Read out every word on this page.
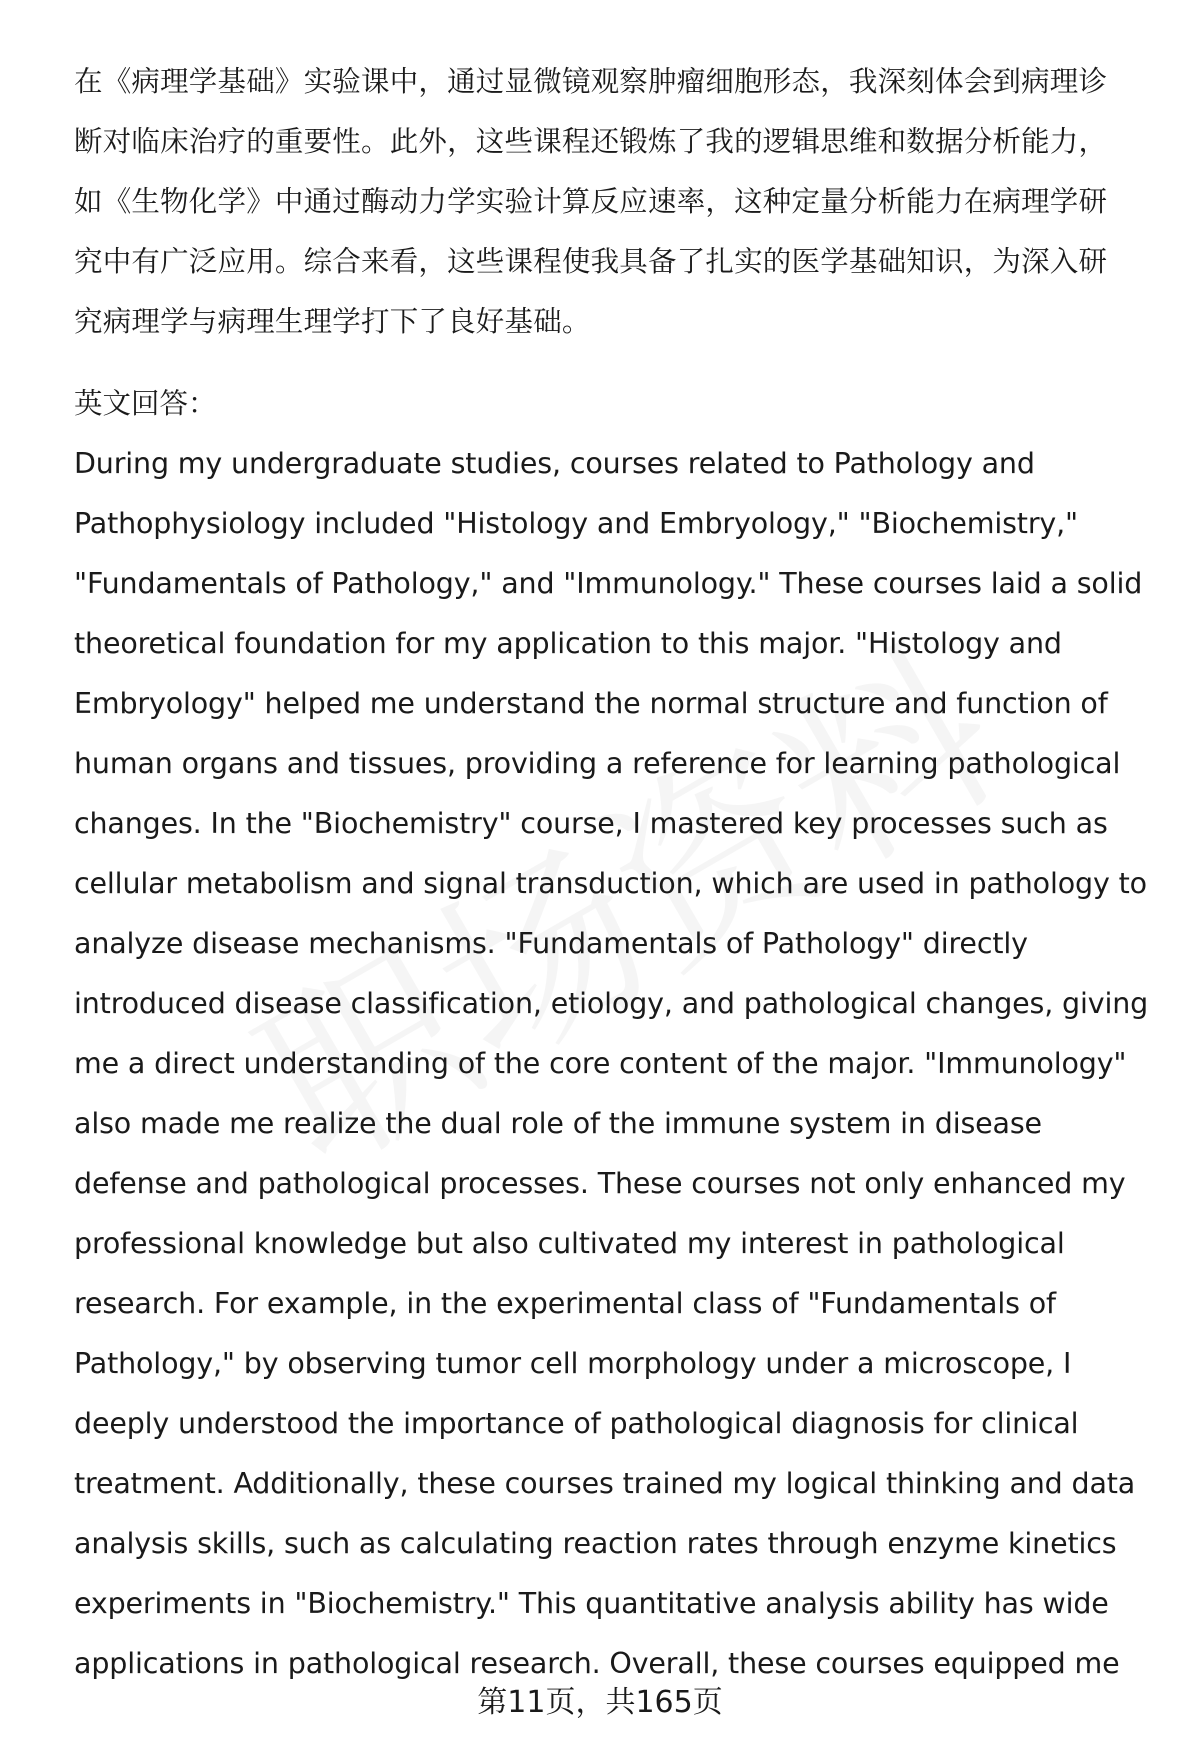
在《病理学基础》实验课中，通过显微镜观察肿瘤细胞形态，我深刻体会到病理诊
断对临床治疗的重要性。此外，这些课程还锻炼了我的逻辑思维和数据分析能力，
如《生物化学》中通过酶动力学实验计算反应速率，这种定量分析能力在病理学研
究中有广泛应用。综合来看，这些课程使我具备了扎实的医学基础知识，为深入研
究病理学与病理生理学打下了良好基础。
英文回答：
During my undergraduate studies, courses related to Pathology and
Pathophysiology included "Histology and Embryology," "Biochemistry,"
"Fundamentals of Pathology," and "Immunology." These courses laid a solid
theoretical foundation for my application to this major. "Histology and
Embryology" helped me understand the normal structure and function of
human organs and tissues, providing a reference for learning pathological
changes. In the "Biochemistry" course, I mastered key processes such as
cellular metabolism and signal transduction, which are used in pathology to
analyze disease mechanisms. "Fundamentals of Pathology" directly
introduced disease classification, etiology, and pathological changes, giving
me a direct understanding of the core content of the major. "Immunology"
also made me realize the dual role of the immune system in disease
defense and pathological processes. These courses not only enhanced my
professional knowledge but also cultivated my interest in pathological
research. For example, in the experimental class of "Fundamentals of
Pathology," by observing tumor cell morphology under a microscope, I
deeply understood the importance of pathological diagnosis for clinical
treatment. Additionally, these courses trained my logical thinking and data
analysis skills, such as calculating reaction rates through enzyme kinetics
experiments in "Biochemistry." This quantitative analysis ability has wide
applications in pathological research. Overall, these courses equipped me
第11页，共165页
